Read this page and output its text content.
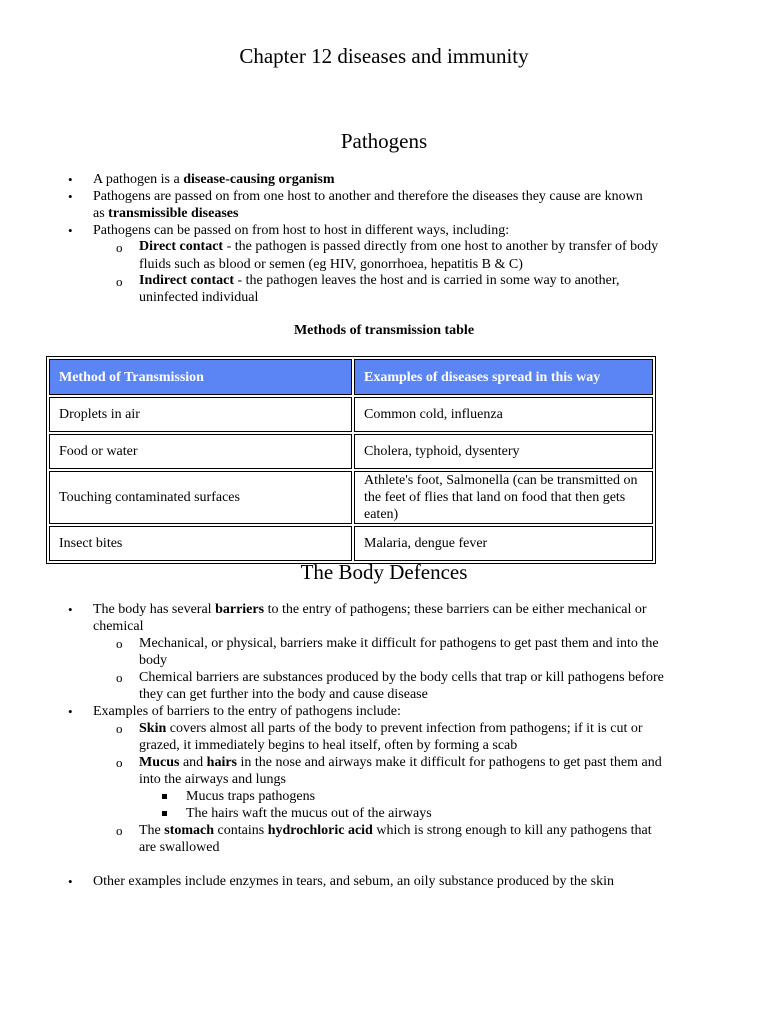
Chapter 12 diseases and immunity
Pathogens
• A pathogen is a disease-causing organism
• Pathogens are passed on from one host to another and therefore the diseases they cause are known
as transmissible diseases
• Pathogens can be passed on from host to host in different ways, including:
o Direct contact - the pathogen is passed directly from one host to another by transfer of body
fluids such as blood or semen (eg HIV, gonorrhoea, hepatitis B & C)
o Indirect contact - the pathogen leaves the host and is carried in some way to another,
uninfected individual
Methods of transmission table
Method of Transmission	Examples of diseases spread in this way
Droplets in air	Common cold, influenza
Food or water	Cholera, typhoid, dysentery
Touching contaminated surfaces	Athlete's foot, Salmonella (can be transmitted on the feet of flies that land on food that then gets eaten)
Insect bites	Malaria, dengue fever
The Body Defences
• The body has several barriers to the entry of pathogens; these barriers can be either mechanical or
chemical
o Mechanical, or physical, barriers make it difficult for pathogens to get past them and into the
body
o Chemical barriers are substances produced by the body cells that trap or kill pathogens before
they can get further into the body and cause disease
• Examples of barriers to the entry of pathogens include:
o Skin covers almost all parts of the body to prevent infection from pathogens; if it is cut or
grazed, it immediately begins to heal itself, often by forming a scab
o Mucus and hairs in the nose and airways make it difficult for pathogens to get past them and
into the airways and lungs
Mucus traps pathogens
The hairs waft the mucus out of the airways
o The stomach contains hydrochloric acid which is strong enough to kill any pathogens that
are swallowed
• Other examples include enzymes in tears, and sebum, an oily substance produced by the skin
